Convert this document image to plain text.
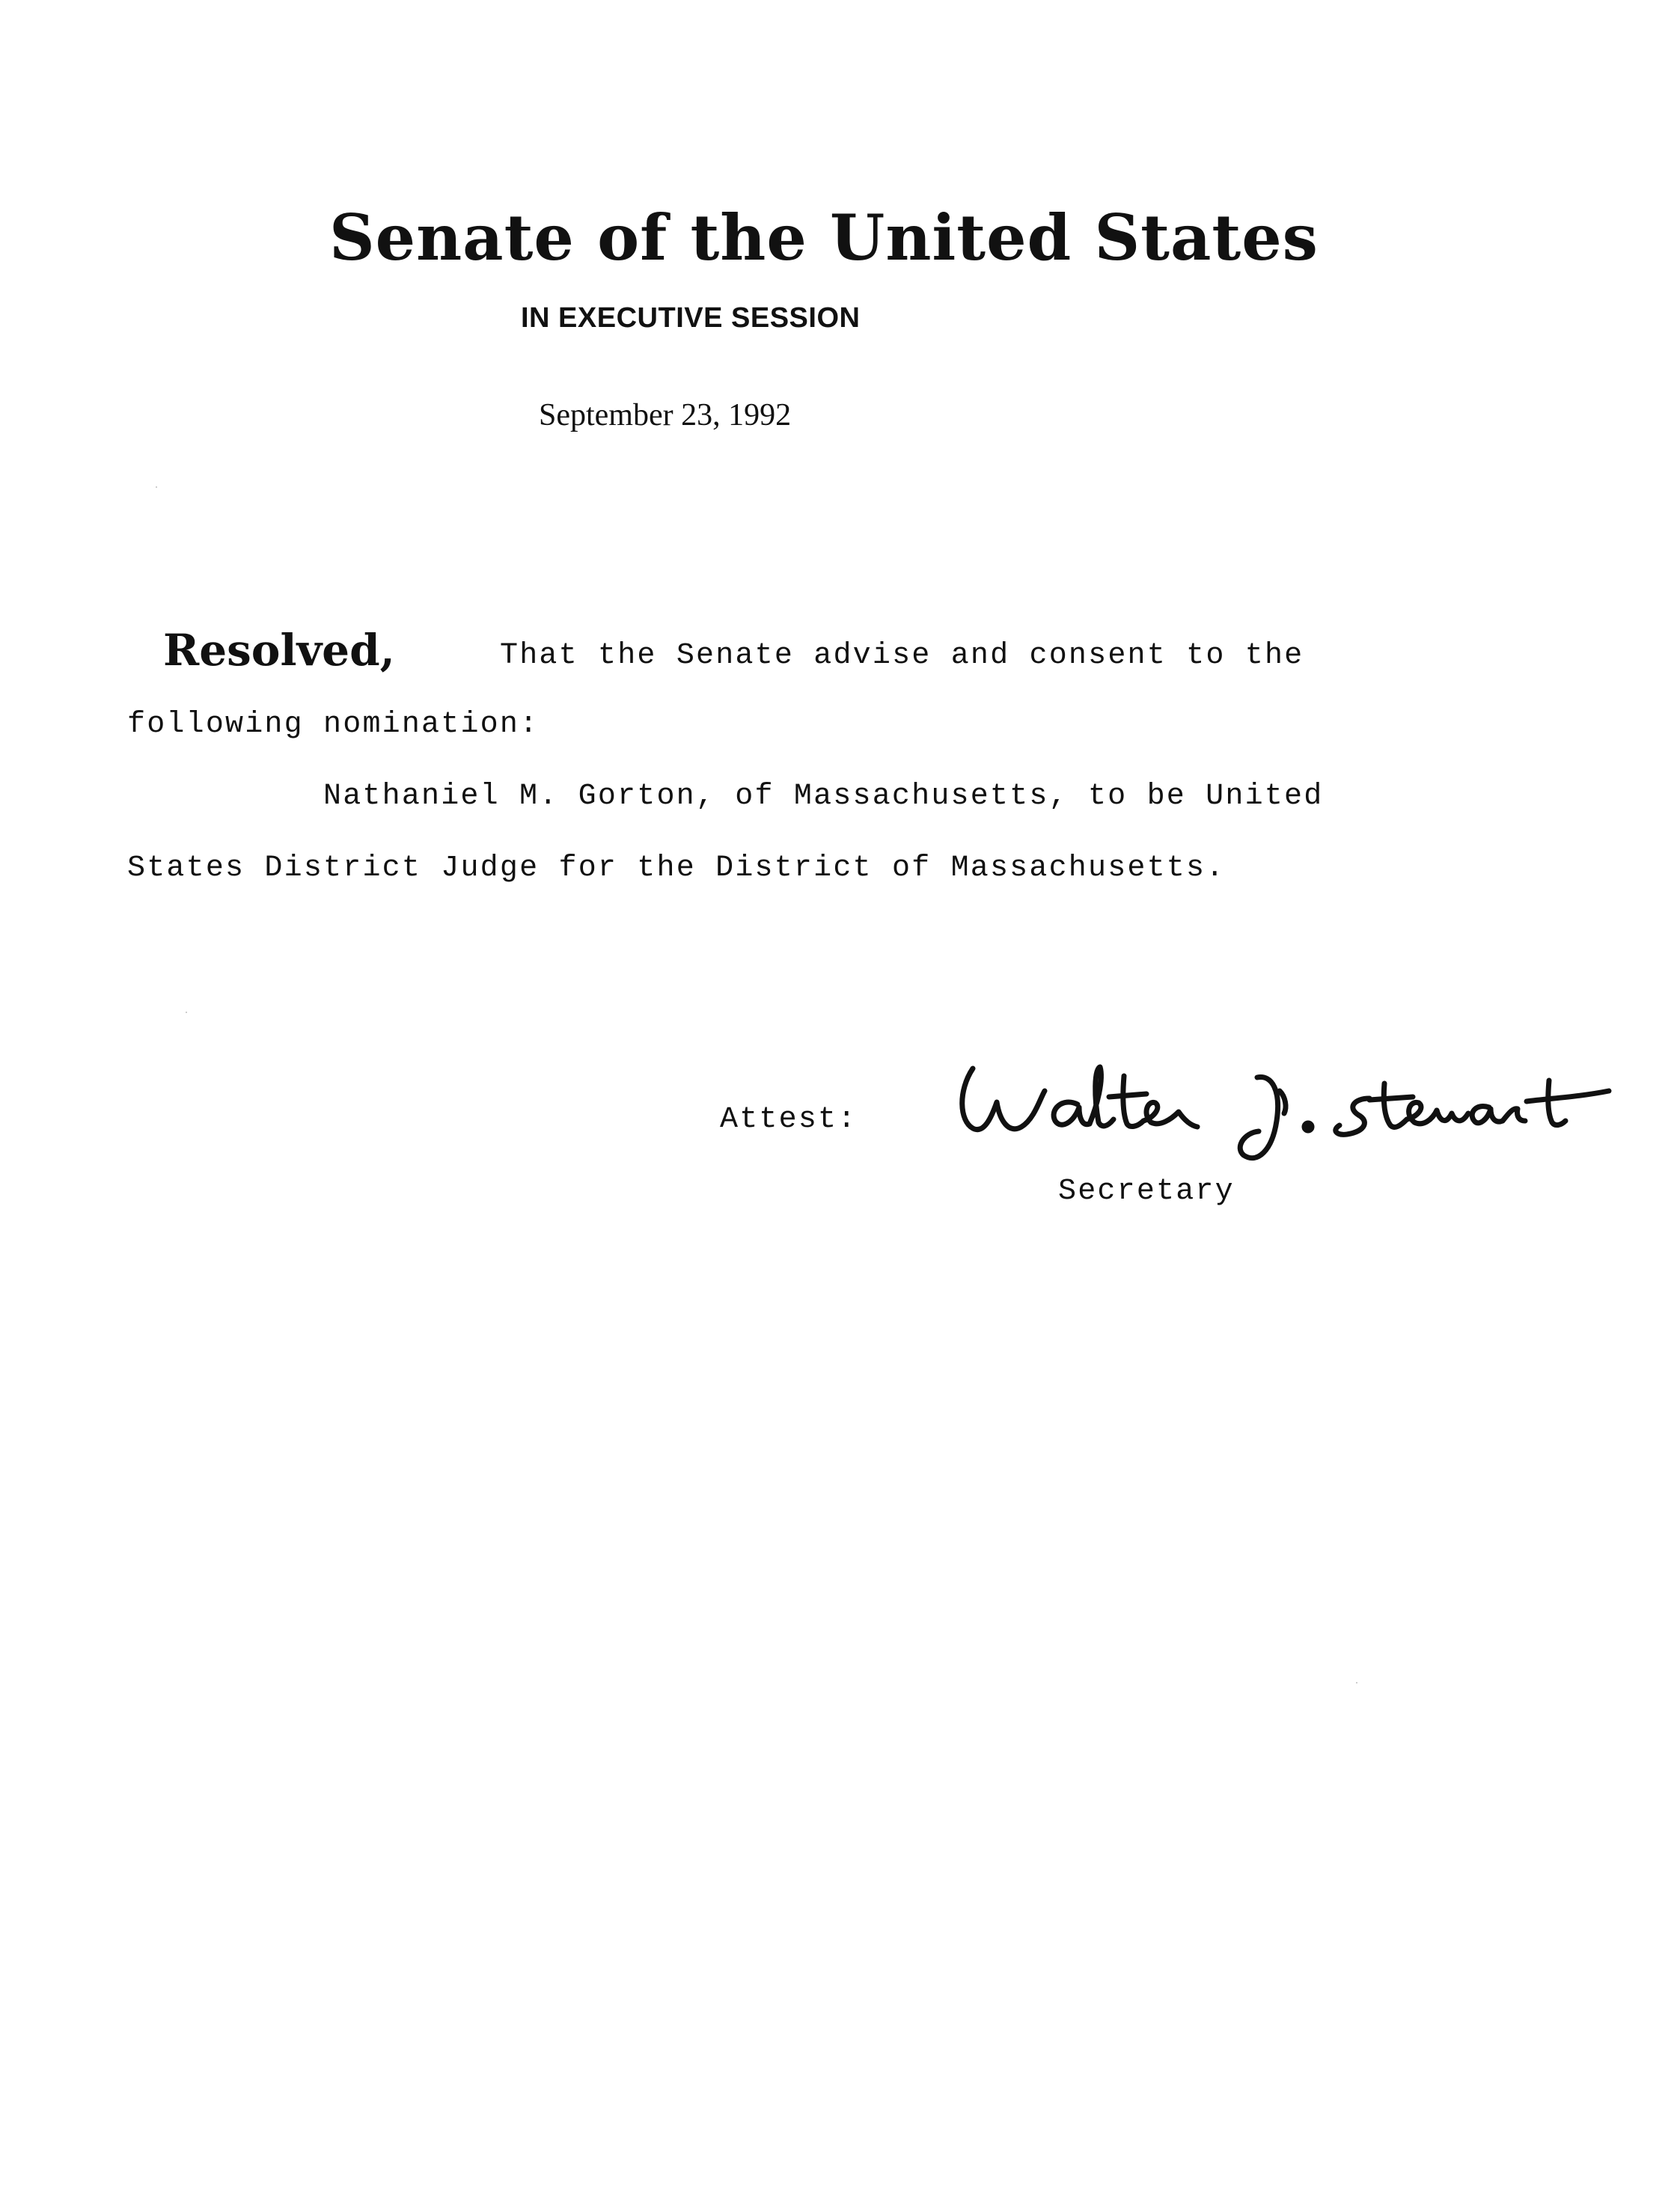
Senate of the United States
IN EXECUTIVE SESSION
September 23, 1992
Resolved,	That the Senate advise and consent to the
following nomination:
Nathaniel M. Gorton, of Massachusetts, to be United
States District Judge for the District of Massachusetts.
Attest:
Secretary
